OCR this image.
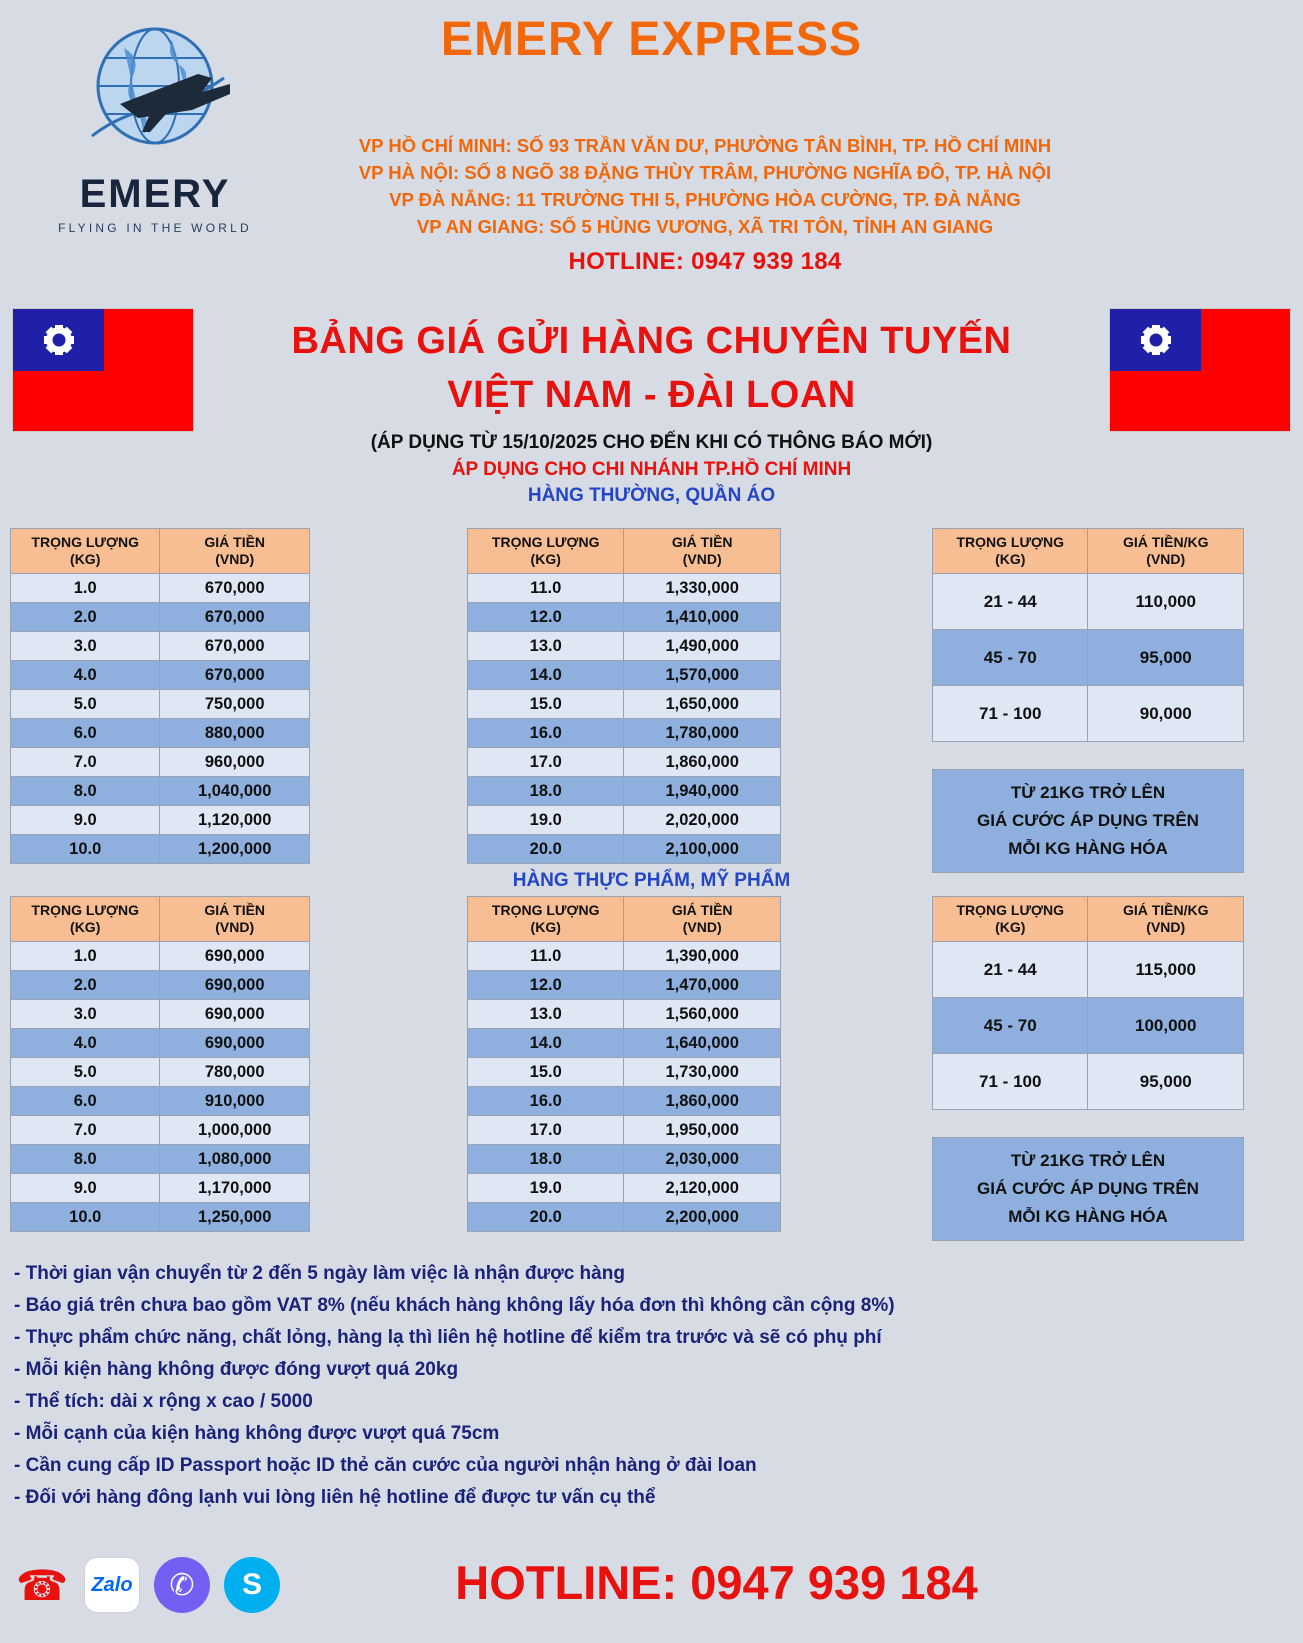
EMERY
FLYING IN THE WORLD
EMERY EXPRESS
VP HỒ CHÍ MINH: SỐ 93 TRẦN VĂN DƯ, PHƯỜNG TÂN BÌNH, TP. HỒ CHÍ MINH
VP HÀ NỘI: SỐ 8 NGÕ 38 ĐẶNG THÙY TRÂM, PHƯỜNG NGHĨA ĐÔ, TP. HÀ NỘI
VP ĐÀ NẴNG: 11 TRƯỜNG THI 5, PHƯỜNG HÒA CƯỜNG, TP. ĐÀ NẴNG
VP AN GIANG: SỐ 5 HÙNG VƯƠNG, XÃ TRI TÔN, TỈNH AN GIANG
HOTLINE: 0947 939 184
BẢNG GIÁ GỬI HÀNG CHUYÊN TUYẾN
VIỆT NAM - ĐÀI LOAN
(ÁP DỤNG TỪ 15/10/2025 CHO ĐẾN KHI CÓ THÔNG BÁO MỚI)
ÁP DỤNG CHO CHI NHÁNH TP.HỒ CHÍ MINH
HÀNG THƯỜNG, QUẦN ÁO
TRỌNG LƯỢNG
(KG)	GIÁ TIỀN
(VND)
1.0	670,000
2.0	670,000
3.0	670,000
4.0	670,000
5.0	750,000
6.0	880,000
7.0	960,000
8.0	1,040,000
9.0	1,120,000
10.0	1,200,000
TRỌNG LƯỢNG
(KG)	GIÁ TIỀN
(VND)
11.0	1,330,000
12.0	1,410,000
13.0	1,490,000
14.0	1,570,000
15.0	1,650,000
16.0	1,780,000
17.0	1,860,000
18.0	1,940,000
19.0	2,020,000
20.0	2,100,000
TRỌNG LƯỢNG
(KG)	GIÁ TIỀN/KG
(VND)
21 - 44	110,000
45 - 70	95,000
71 - 100	90,000
TỪ 21KG TRỞ LÊN
GIÁ CƯỚC ÁP DỤNG TRÊN
MỖI KG HÀNG HÓA
HÀNG THỰC PHẨM, MỸ PHẨM
TRỌNG LƯỢNG
(KG)	GIÁ TIỀN
(VND)
1.0	690,000
2.0	690,000
3.0	690,000
4.0	690,000
5.0	780,000
6.0	910,000
7.0	1,000,000
8.0	1,080,000
9.0	1,170,000
10.0	1,250,000
TRỌNG LƯỢNG
(KG)	GIÁ TIỀN
(VND)
11.0	1,390,000
12.0	1,470,000
13.0	1,560,000
14.0	1,640,000
15.0	1,730,000
16.0	1,860,000
17.0	1,950,000
18.0	2,030,000
19.0	2,120,000
20.0	2,200,000
TRỌNG LƯỢNG
(KG)	GIÁ TIỀN/KG
(VND)
21 - 44	115,000
45 - 70	100,000
71 - 100	95,000
TỪ 21KG TRỞ LÊN
GIÁ CƯỚC ÁP DỤNG TRÊN
MỖI KG HÀNG HÓA
- Thời gian vận chuyển từ 2 đến 5 ngày làm việc là nhận được hàng
- Báo giá trên chưa bao gồm VAT 8% (nếu khách hàng không lấy hóa đơn thì không cần cộng 8%)
- Thực phẩm chức năng, chất lỏng, hàng lạ thì liên hệ hotline để kiểm tra trước và sẽ có phụ phí
- Mỗi kiện hàng không được đóng vượt quá 20kg
- Thể tích: dài x rộng x cao / 5000
- Mỗi cạnh của kiện hàng không được vượt quá 75cm
- Cần cung cấp ID Passport hoặc ID thẻ căn cước của người nhận hàng ở đài loan
- Đối với hàng đông lạnh vui lòng liên hệ hotline để được tư vấn cụ thể
☎	Zalo	✆	S	HOTLINE: 0947 939 184
